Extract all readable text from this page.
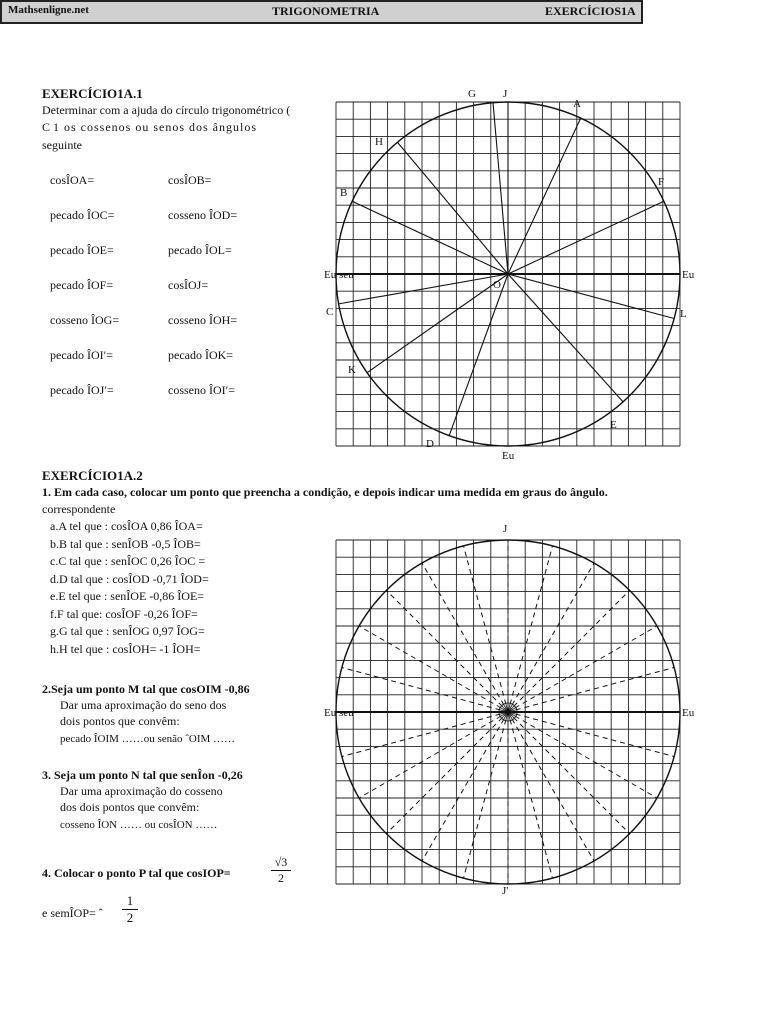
Mathsenligne.net	TRIGONOMETRIA	EXERCÍCIOS1A
EXERCÍCIO1A.1
Determinar com a ajuda do círculo trigonométrico (
C 1 os cossenos ou senos dos ângulos
seguinte
cosÎOA=	cosÎOB=
pecado ÎOC=	cosseno ÎOD=
pecado ÎOE=	pecado ÎOL=
pecado ÎOF=	cosÎOJ=
cosseno ÎOG=	cosseno ÎOH=
pecado ÎOI′=	pecado ÎOK=
pecado ÎOJ′=	cosseno ÎOI′=
G J
A
H
F
B
Eu seu	Eu
O
C	L
K
E
D
Eu
EXERCÍCIO1A.2
1. Em cada caso, colocar um ponto que preencha a condição, e depois indicar uma medida em graus do ângulo.
correspondente
a.A tel que : cosÎOA 0,86 ÎOA=
b.B tal que : senÎOB -0,5 ÎOB=
c.C tal que : senÎOC 0,26 ÎOC =
d.D tal que : cosÎOD -0,71 ÎOD=
e.E tel que : senÎOE -0,86 ÎOE=
f.F tal que: cosÎOF -0,26 ÎOF=
g.G tal que : senÎOG 0,97 ÎOG=
h.H tel que : cosÎOH= -1 ÎOH=
2.Seja um ponto M tal que cosOIM -0,86
Dar uma aproximação do seno dos
dois pontos que convêm:
pecado ÎOIM ……ou senão ˆOIM ……
3. Seja um ponto N tal que senÎon -0,26
Dar uma aproximação do cosseno
dos dois pontos que convêm:
cosseno ÎON …… ou cosÎON ……
4. Colocar o ponto P tal que cosIOP=	$\frac{√3}{2}$
e semÎOP= ˆ $\frac{1}{2}$
J
Eu seu	Eu
J'
